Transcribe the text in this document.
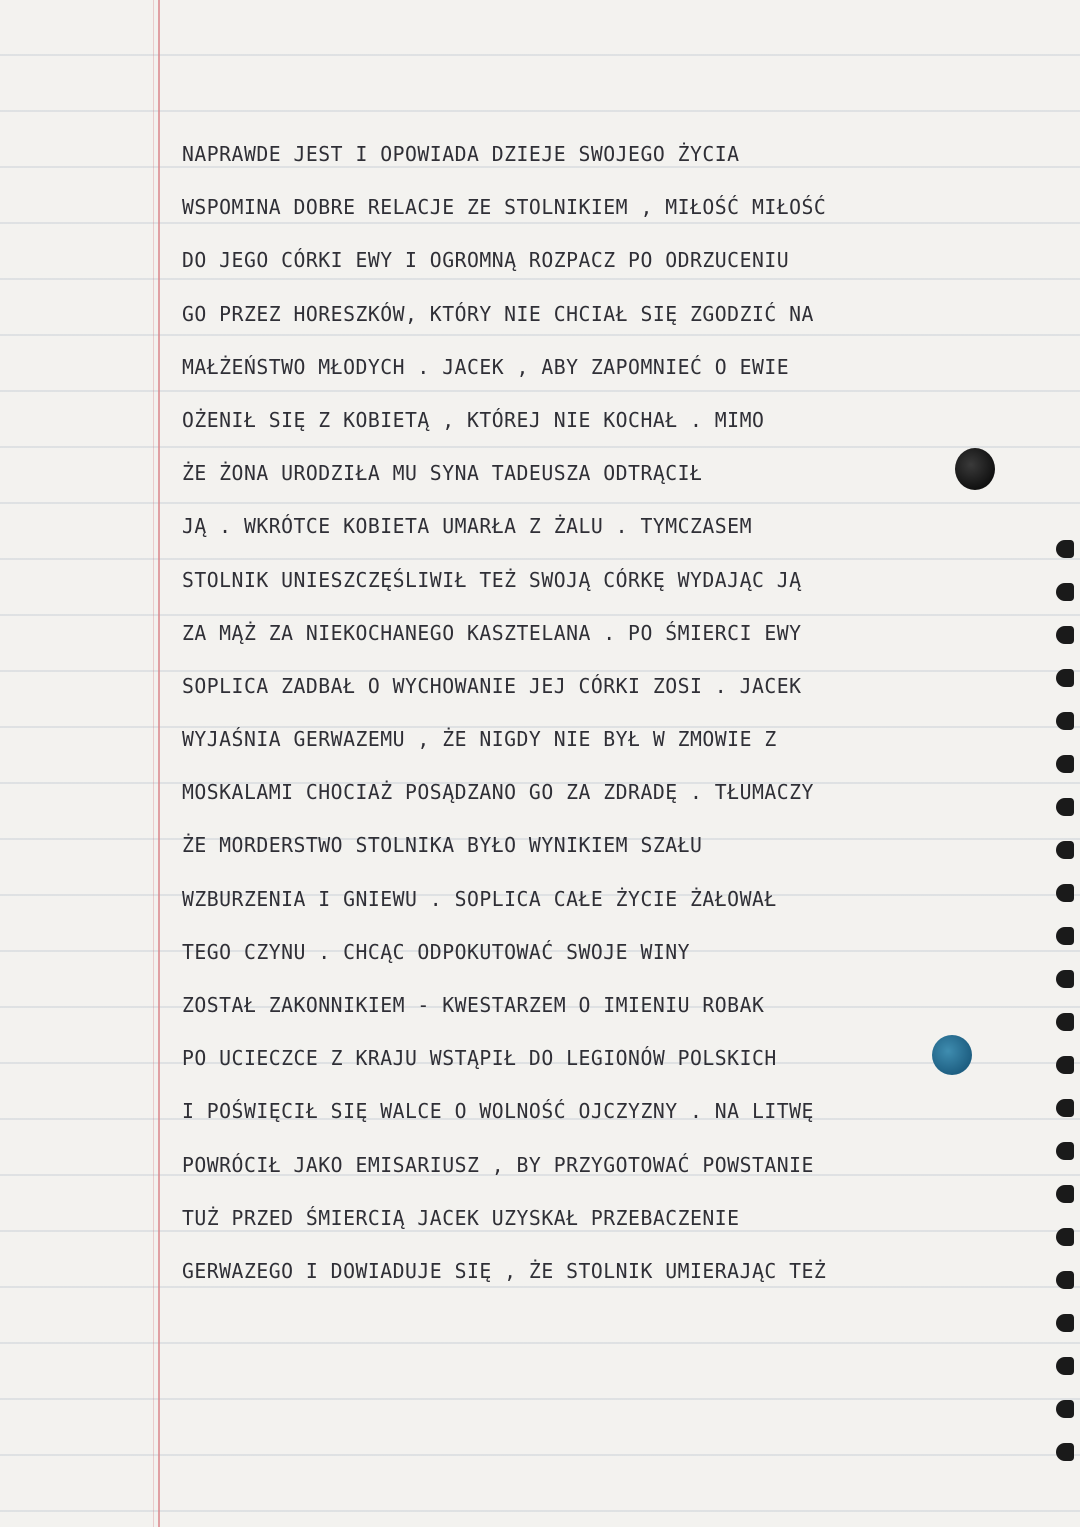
NAPRAWDE JEST I OPOWIADA DZIEJE SWOJEGO ŻYCIA
WSPOMINA DOBRE RELACJE ZE STOLNIKIEM , MIŁOŚĆ MIŁOŚĆ
DO JEGO CÓRKI EWY I OGROMNĄ ROZPACZ PO ODRZUCENIU
GO PRZEZ HORESZKÓW, KTÓRY NIE CHCIAŁ SIĘ ZGODZIĆ NA
MAŁŻEŃSTWO MŁODYCH . JACEK , ABY ZAPOMNIEĆ O EWIE
OŻENIŁ SIĘ Z KOBIETĄ , KTÓREJ NIE KOCHAŁ . MIMO
ŻE ŻONA URODZIŁA MU SYNA TADEUSZA ODTRĄCIŁ
JĄ . WKRÓTCE KOBIETA UMARŁA Z ŻALU . TYMCZASEM
STOLNIK UNIESZCZĘŚLIWIŁ TEŻ SWOJĄ CÓRKĘ WYDAJĄC JĄ
ZA MĄŻ ZA NIEKOCHANEGO KASZTELANA . PO ŚMIERCI EWY
SOPLICA ZADBAŁ O WYCHOWANIE JEJ CÓRKI ZOSI . JACEK
WYJAŚNIA GERWAZEMU , ŻE NIGDY NIE BYŁ W ZMOWIE Z
MOSKALAMI CHOCIAŻ POSĄDZANO GO ZA ZDRADĘ . TŁUMACZY
ŻE MORDERSTWO STOLNIKA BYŁO WYNIKIEM SZAŁU
WZBURZENIA I GNIEWU . SOPLICA CAŁE ŻYCIE ŻAŁOWAŁ
TEGO CZYNU . CHCĄC ODPOKUTOWAĆ SWOJE WINY
ZOSTAŁ ZAKONNIKIEM - KWESTARZEM O IMIENIU ROBAK
PO UCIECZCE Z KRAJU WSTĄPIŁ DO LEGIONÓW POLSKICH
I POŚWIĘCIŁ SIĘ WALCE O WOLNOŚĆ OJCZYZNY . NA LITWĘ
POWRÓCIŁ JAKO EMISARIUSZ , BY PRZYGOTOWAĆ POWSTANIE
TUŻ PRZED ŚMIERCIĄ JACEK UZYSKAŁ PRZEBACZENIE
GERWAZEGO I DOWIADUJE SIĘ , ŻE STOLNIK UMIERAJĄC TEŻ
